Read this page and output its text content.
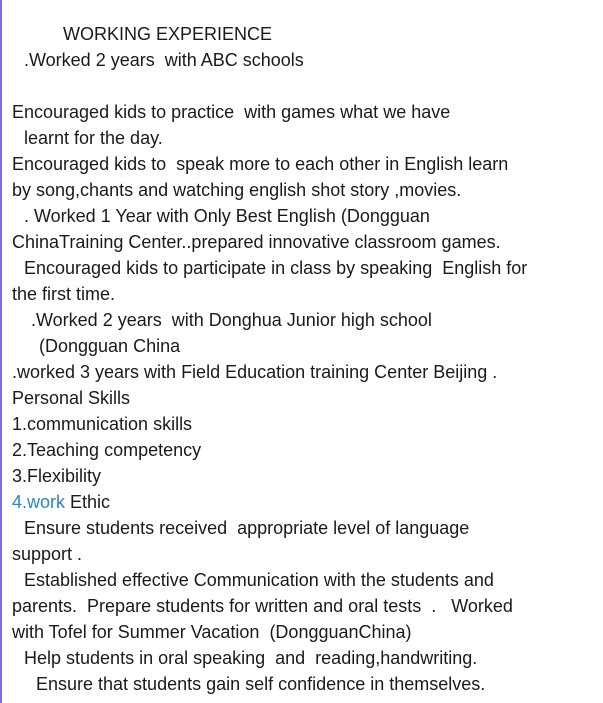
WORKING EXPERIENCE
.Worked 2 years  with ABC schools
Encouraged kids to practice  with games what we have
learnt for the day.
Encouraged kids to  speak more to each other in English learn
by song,chants and watching english shot story ,movies.
. Worked 1 Year with Only Best English (Dongguan
ChinaTraining Center..prepared innovative classroom games.
Encouraged kids to participate in class by speaking  English for
the first time.
.Worked 2 years  with Donghua Junior high school
(Dongguan China
.worked 3 years with Field Education training Center Beijing .
Personal Skills
1.communication skills
2.Teaching competency
3.Flexibility
4.work Ethic
Ensure students received  appropriate level of language
support .
Established effective Communication with the students and
parents.  Prepare students for written and oral tests  .   Worked
with Tofel for Summer Vacation  (DongguanChina)
Help students in oral speaking  and  reading,handwriting.
Ensure that students gain self confidence in themselves.
